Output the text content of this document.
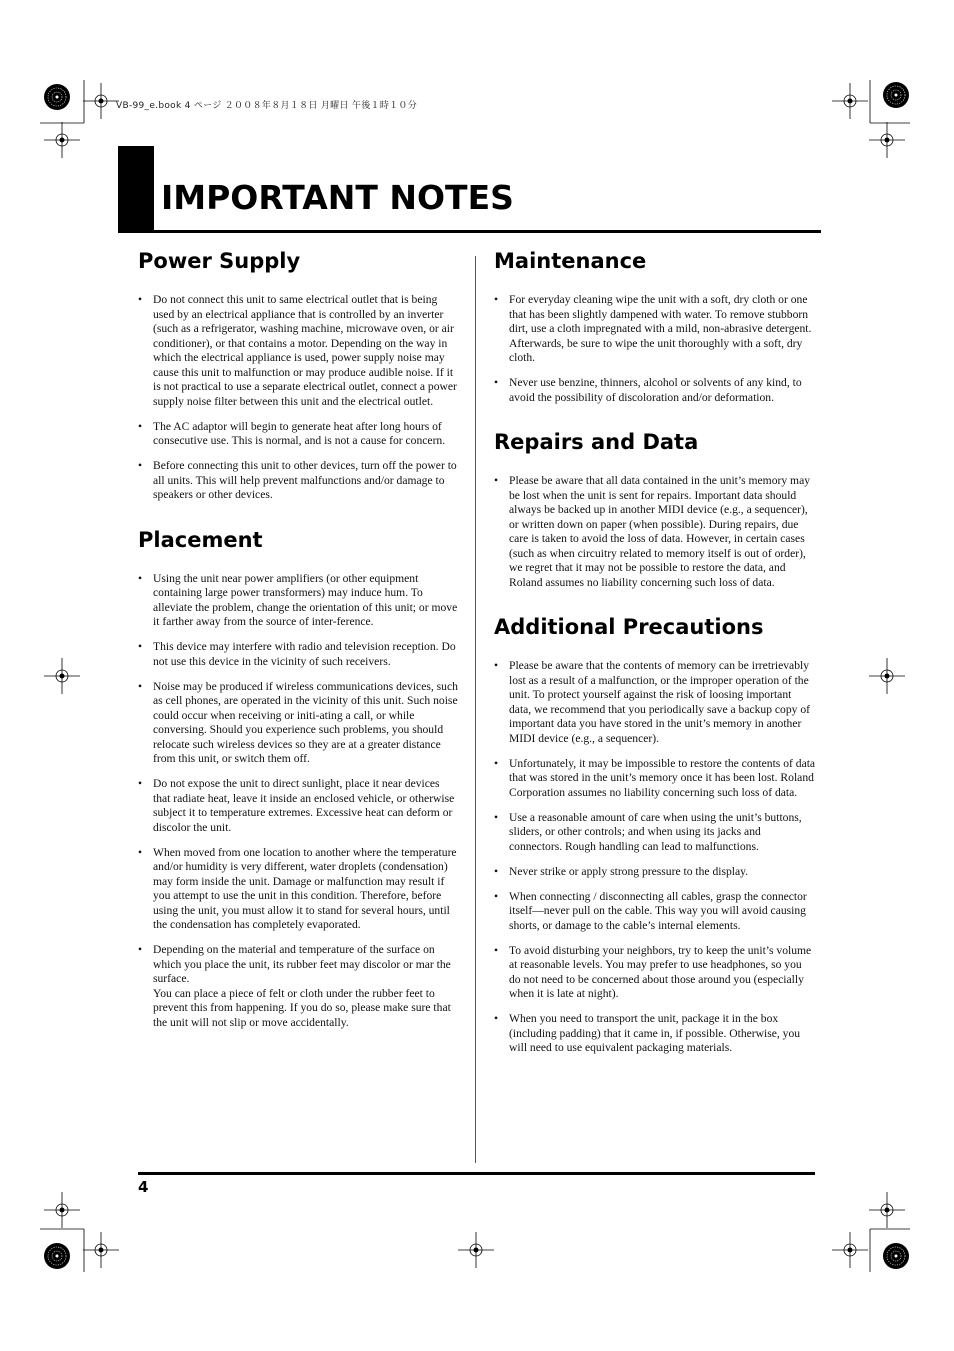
VB-99_e.book 4 ページ ２００８年８月１８日 月曜日 午後１時１０分
IMPORTANT NOTES
Power Supply
• Do not connect this unit to same electrical outlet that is being used by an electrical appliance that is controlled by an inverter (such as a refrigerator, washing machine, microwave oven, or air conditioner), or that contains a motor. Depending on the way in which the electrical appliance is used, power supply noise may cause this unit to malfunction or may produce audible noise. If it is not practical to use a separate electrical outlet, connect a power supply noise filter between this unit and the electrical outlet.
• The AC adaptor will begin to generate heat after long hours of consecutive use. This is normal, and is not a cause for concern.
• Before connecting this unit to other devices, turn off the power to all units. This will help prevent malfunctions and/or damage to speakers or other devices.
Placement
• Using the unit near power amplifiers (or other equipment containing large power transformers) may induce hum. To alleviate the problem, change the orientation of this unit; or move it farther away from the source of inter-ference.
• This device may interfere with radio and television reception. Do not use this device in the vicinity of such receivers.
• Noise may be produced if wireless communications devices, such as cell phones, are operated in the vicinity of this unit. Such noise could occur when receiving or initi-ating a call, or while conversing. Should you experience such problems, you should relocate such wireless devices so they are at a greater distance from this unit, or switch them off.
• Do not expose the unit to direct sunlight, place it near devices that radiate heat, leave it inside an enclosed vehicle, or otherwise subject it to temperature extremes. Excessive heat can deform or discolor the unit.
• When moved from one location to another where the temperature and/or humidity is very different, water droplets (condensation) may form inside the unit. Damage or malfunction may result if you attempt to use the unit in this condition. Therefore, before using the unit, you must allow it to stand for several hours, until the condensation has completely evaporated.
• Depending on the material and temperature of the surface on which you place the unit, its rubber feet may discolor or mar the surface.
You can place a piece of felt or cloth under the rubber feet to prevent this from happening. If you do so, please make sure that the unit will not slip or move accidentally.
Maintenance
• For everyday cleaning wipe the unit with a soft, dry cloth or one that has been slightly dampened with water. To remove stubborn dirt, use a cloth impregnated with a mild, non-abrasive detergent. Afterwards, be sure to wipe the unit thoroughly with a soft, dry cloth.
• Never use benzine, thinners, alcohol or solvents of any kind, to avoid the possibility of discoloration and/or deformation.
Repairs and Data
• Please be aware that all data contained in the unit’s memory may be lost when the unit is sent for repairs. Important data should always be backed up in another MIDI device (e.g., a sequencer), or written down on paper (when possible). During repairs, due care is taken to avoid the loss of data. However, in certain cases (such as when circuitry related to memory itself is out of order), we regret that it may not be possible to restore the data, and Roland assumes no liability concerning such loss of data.
Additional Precautions
• Please be aware that the contents of memory can be irretrievably lost as a result of a malfunction, or the improper operation of the unit. To protect yourself against the risk of loosing important data, we recommend that you periodically save a backup copy of important data you have stored in the unit’s memory in another MIDI device (e.g., a sequencer).
• Unfortunately, it may be impossible to restore the contents of data that was stored in the unit’s memory once it has been lost. Roland Corporation assumes no liability concerning such loss of data.
• Use a reasonable amount of care when using the unit’s buttons, sliders, or other controls; and when using its jacks and connectors. Rough handling can lead to malfunctions.
• Never strike or apply strong pressure to the display.
• When connecting / disconnecting all cables, grasp the connector itself—never pull on the cable. This way you will avoid causing shorts, or damage to the cable’s internal elements.
• To avoid disturbing your neighbors, try to keep the unit’s volume at reasonable levels. You may prefer to use headphones, so you do not need to be concerned about those around you (especially when it is late at night).
• When you need to transport the unit, package it in the box (including padding) that it came in, if possible. Otherwise, you will need to use equivalent packaging materials.
4
